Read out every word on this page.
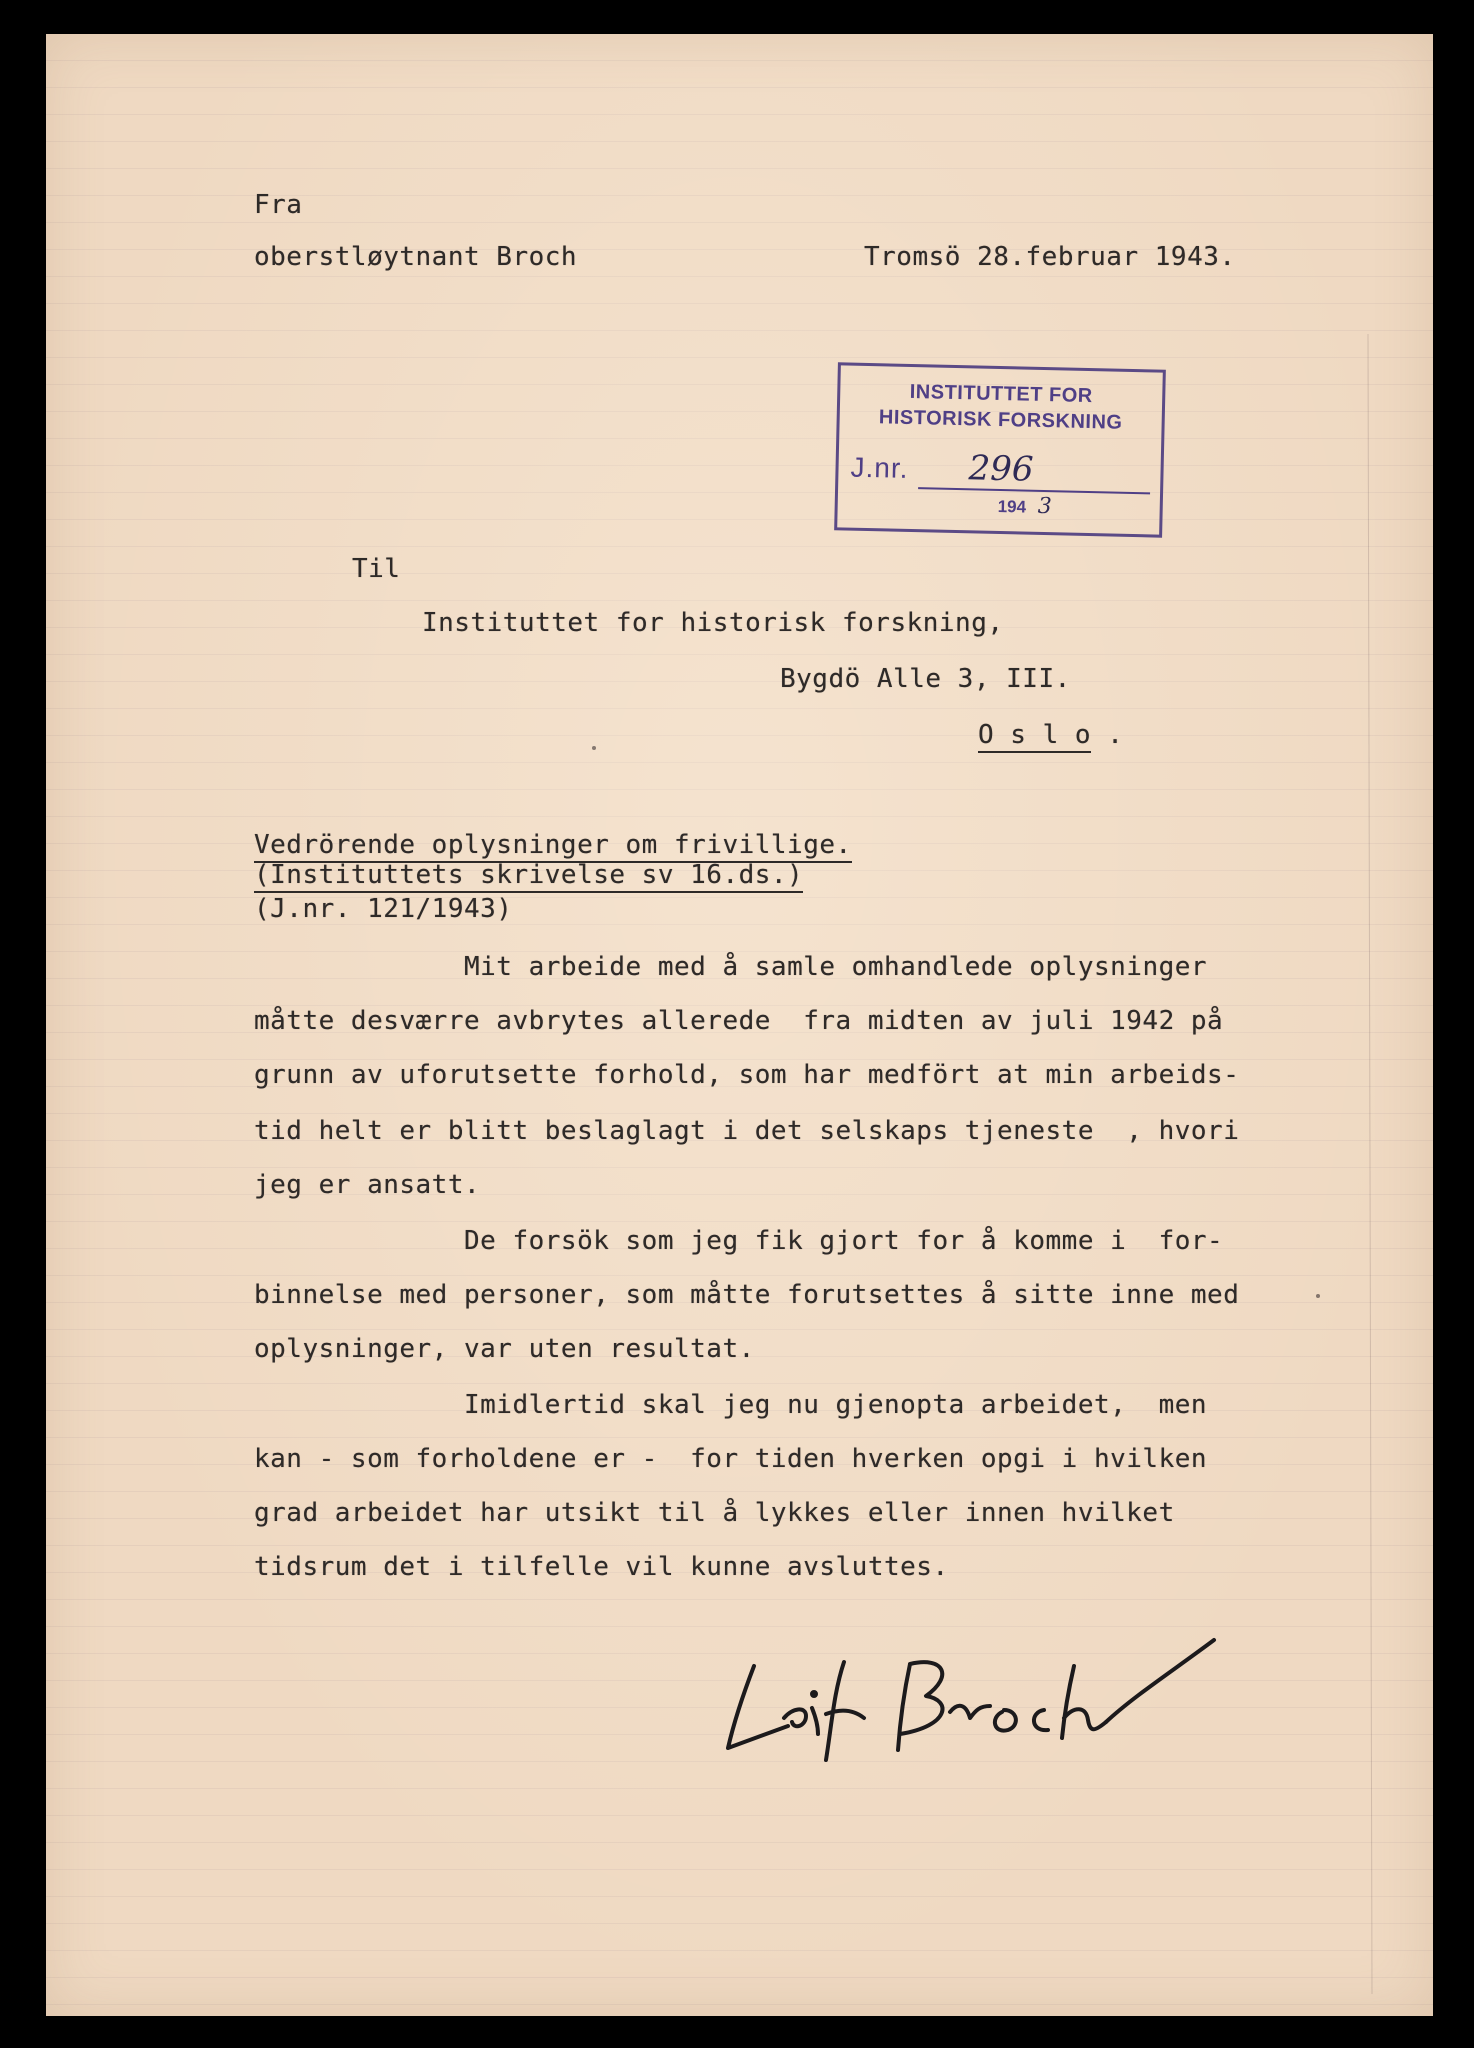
Fra
oberstløytnant Broch	Tromsö 28.februar 1943.
INSTITUTTET FOR
HISTORISK FORSKNING
J.nr. 296
194 3
Til
Instituttet for historisk forskning,
Bygdö Alle 3, III.
O s l o .
Vedrörende oplysninger om frivillige.
(Instituttets skrivelse sv 16.ds.)
(J.nr. 121/1943)
Mit arbeide med å samle omhandlede oplysninger
måtte desværre avbrytes allerede  fra midten av juli 1942 på
grunn av uforutsette forhold, som har medfört at min arbeids-
tid helt er blitt beslaglagt i det selskaps tjeneste  , hvori
jeg er ansatt.
De forsök som jeg fik gjort for å komme i  for-
binnelse med personer, som måtte forutsettes å sitte inne med
oplysninger, var uten resultat.
Imidlertid skal jeg nu gjenopta arbeidet,  men
kan - som forholdene er -  for tiden hverken opgi i hvilken
grad arbeidet har utsikt til å lykkes eller innen hvilket
tidsrum det i tilfelle vil kunne avsluttes.
